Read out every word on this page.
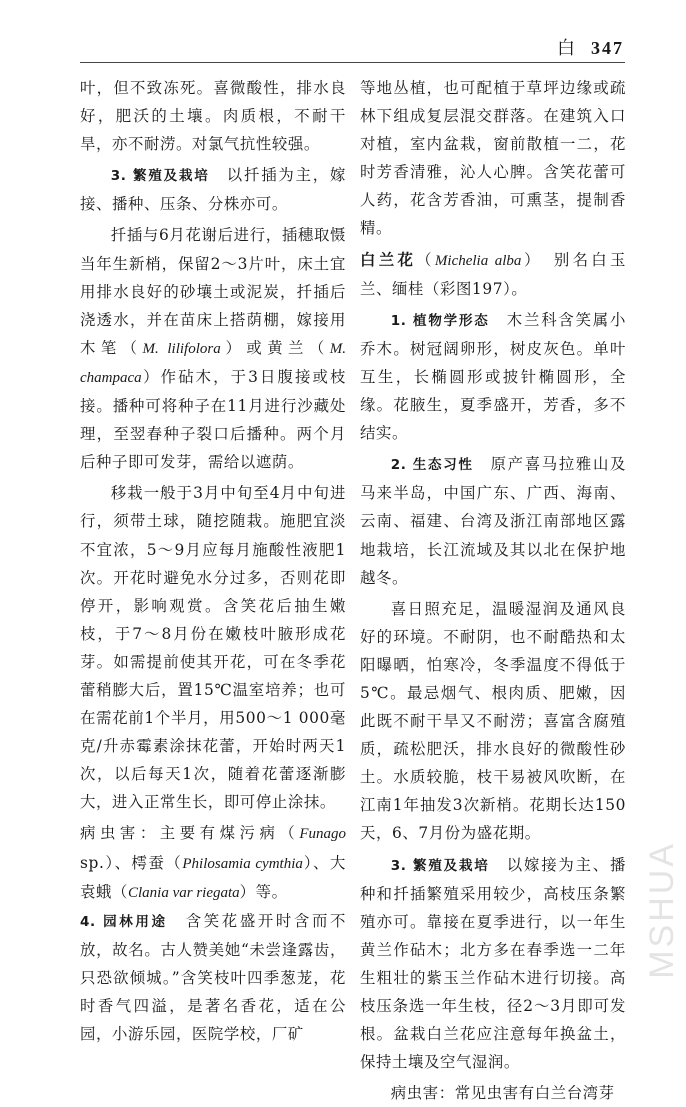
白 347

叶，但不致冻死。喜微酸性，排水良好，肥沃的土壤。肉质根，不耐干旱，亦不耐涝。对氯气抗性较强。

3. 繁殖及栽培　 以扦插为主，嫁接、播种、压条、分株亦可。

扦插与6月花谢后进行，插穗取慑当年生新梢，保留2～3片叶，床土宜用排水良好的砂壤土或泥炭，扦插后浇透水，并在苗床上搭荫棚，嫁接用木笔（M. lilifolora）或黄兰（M. champaca）作砧木，于3日腹接或枝接。播种可将种子在11月进行沙藏处理，至翌春种子裂口后播种。两个月后种子即可发芽，需给以遮荫。

移栽一般于3月中旬至4月中旬进行，须带土球，随挖随栽。施肥宜淡不宜浓，5～9月应每月施酸性液肥1次。开花时避免水分过多，否则花即停开，影响观赏。含笑花后抽生嫩枝，于7～8月份在嫩枝叶腋形成花芽。如需提前使其开花，可在冬季花蕾稍膨大后，置15℃温室培养；也可在需花前1个半月，用500～1 000毫克/升赤霉素涂抹花蕾，开始时两天1次，以后每天1次，随着花蕾逐渐膨大，进入正常生长，即可停止涂抹。

病虫害：主要有煤污病（Funago sp.）、樗蚕（Philosamia cymthia）、大袁蛾（Clania var riegata）等。

4. 园林用途　 含笑花盛开时含而不放，故名。古人赞美她“未尝逢露齿，只恐欲倾城。”含笑枝叶四季葱茏，花时香气四溢，是著名香花，适在公园，小游乐园，医院学校，厂矿

等地丛植，也可配植于草坪边缘或疏林下组成复层混交群落。在建筑入口对植，室内盆栽，窗前散植一二，花时芳香清雅，沁人心脾。含笑花蕾可人药，花含芳香油，可熏茎，提制香精。

白兰花（Michelia alba）　别名白玉兰、缅桂（彩图197）。

1. 植物学形态　 木兰科含笑属小乔木。树冠阔卵形，树皮灰色。单叶互生，长椭圆形或披针椭圆形，全缘。花腋生，夏季盛开，芳香，多不结实。

2. 生态习性　 原产喜马拉雅山及马来半岛，中国广东、广西、海南、云南、福建、台湾及浙江南部地区露地栽培，长江流域及其以北在保护地越冬。

喜日照充足，温暖湿润及通风良好的环境。不耐阴，也不耐酷热和太阳曝晒，怕寒冷，冬季温度不得低于5℃。最忌烟气、根肉质、肥嫩，因此既不耐干旱又不耐涝；喜富含腐殖质，疏松肥沃，排水良好的微酸性砂土。水质较脆，枝干易被风吹断，在江南1年抽发3次新梢。花期长达150天，6、7月份为盛花期。

3. 繁殖及栽培　 以嫁接为主、播种和扦插繁殖采用较少，高枝压条繁殖亦可。靠接在夏季进行，以一年生黄兰作砧木；北方多在春季选一二年生粗壮的紫玉兰作砧木进行切接。高枝压条选一年生枝，径2～3月即可发根。盆栽白兰花应注意每年换盆土，保持土壤及空气湿润。

病虫害：常见虫害有白兰台湾芽

MSHUA
